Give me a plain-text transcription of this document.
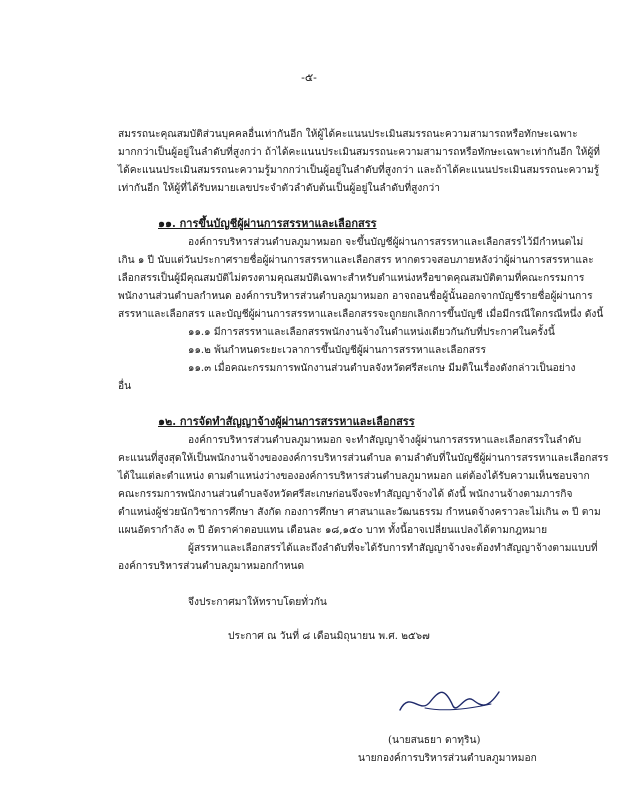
-๕-
สมรรถนะคุณสมบัติส่วนบุคคลอื่นเท่ากันอีก ให้ผู้ได้คะแนนประเมินสมรรถนะความสามารถหรือทักษะเฉพาะ
มากกว่าเป็นผู้อยู่ในลำดับที่สูงกว่า ถ้าได้คะแนนประเมินสมรรถนะความสามารถหรือทักษะเฉพาะเท่ากันอีก ให้ผู้ที่
ได้คะแนนประเมินสมรรถนะความรู้มากกว่าเป็นผู้อยู่ในลำดับที่สูงกว่า และถ้าได้คะแนนประเมินสมรรถนะความรู้
เท่ากันอีก ให้ผู้ที่ได้รับหมายเลขประจำตัวลำดับต้นเป็นผู้อยู่ในลำดับที่สูงกว่า
๑๑. การขึ้นบัญชีผู้ผ่านการสรรหาและเลือกสรร
องค์การบริหารส่วนตำบลภูมาหมอก จะขึ้นบัญชีผู้ผ่านการสรรหาและเลือกสรรไว้มีกำหนดไม่
เกิน ๑ ปี นับแต่วันประกาศรายชื่อผู้ผ่านการสรรหาและเลือกสรร หากตรวจสอบภายหลังว่าผู้ผ่านการสรรหาและ
เลือกสรรเป็นผู้มีคุณสมบัติไม่ตรงตามคุณสมบัติเฉพาะสำหรับตำแหน่งหรือขาดคุณสมบัติตามที่คณะกรรมการ
พนักงานส่วนตำบลกำหนด องค์การบริหารส่วนตำบลภูมาหมอก อาจถอนชื่อผู้นั้นออกจากบัญชีรายชื่อผู้ผ่านการ
สรรหาและเลือกสรร และบัญชีผู้ผ่านการสรรหาและเลือกสรรจะถูกยกเลิกการขึ้นบัญชี เมื่อมีกรณีใดกรณีหนึ่ง ดังนี้
๑๑.๑ มีการสรรหาและเลือกสรรพนักงานจ้างในตำแหน่งเดียวกันกับที่ประกาศในครั้งนี้
๑๑.๒ พ้นกำหนดระยะเวลาการขึ้นบัญชีผู้ผ่านการสรรหาและเลือกสรร
๑๑.๓ เมื่อคณะกรรมการพนักงานส่วนตำบลจังหวัดศรีสะเกษ มีมติในเรื่องดังกล่าวเป็นอย่าง
อื่น
๑๒. การจัดทำสัญญาจ้างผู้ผ่านการสรรหาและเลือกสรร
องค์การบริหารส่วนตำบลภูมาหมอก จะทำสัญญาจ้างผู้ผ่านการสรรหาและเลือกสรรในลำดับ
คะแนนที่สูงสุดให้เป็นพนักงานจ้างขององค์การบริหารส่วนตำบล ตามลำดับที่ในบัญชีผู้ผ่านการสรรหาและเลือกสรร
ได้ในแต่ละตำแหน่ง ตามตำแหน่งว่างขององค์การบริหารส่วนตำบลภูมาหมอก แต่ต้องได้รับความเห็นชอบจาก
คณะกรรมการพนักงานส่วนตำบลจังหวัดศรีสะเกษก่อนจึงจะทำสัญญาจ้างได้ ดังนี้ พนักงานจ้างตามภารกิจ
ตำแหน่งผู้ช่วยนักวิชาการศึกษา สังกัด กองการศึกษา ศาสนาและวัฒนธรรม กำหนดจ้างคราวละไม่เกิน ๓ ปี ตาม
แผนอัตรากำลัง ๓ ปี อัตราค่าตอบแทน เดือนละ ๑๘,๑๕๐ บาท ทั้งนี้อาจเปลี่ยนแปลงได้ตามกฎหมาย
ผู้สรรหาและเลือกสรรได้และถึงลำดับที่จะได้รับการทำสัญญาจ้างจะต้องทำสัญญาจ้างตามแบบที่
องค์การบริหารส่วนตำบลภูมาหมอกกำหนด
จึงประกาศมาให้ทราบโดยทั่วกัน
ประกาศ ณ วันที่ ๘ เดือนมิถุนายน พ.ศ. ๒๕๖๗
(นายสนธยา ดาทุริน)
นายกองค์การบริหารส่วนตำบลภูมาหมอก
